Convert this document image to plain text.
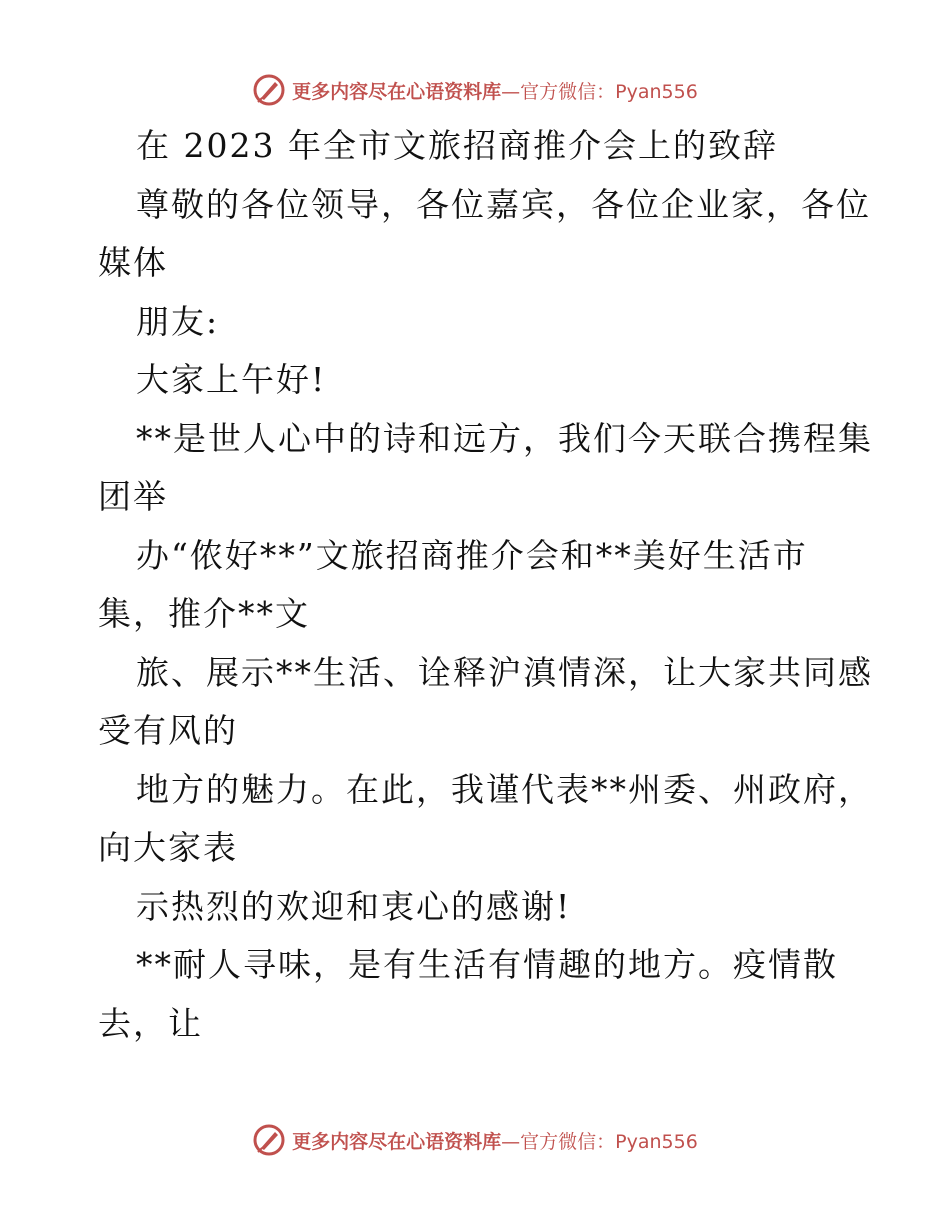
更多内容尽在心语资料库—官方微信：Pyan556
在 2023 年全市文旅招商推介会上的致辞
尊敬的各位领导，各位嘉宾，各位企业家，各位
媒体
朋友:
大家上午好!
**是世人心中的诗和远方，我们今天联合携程集
团举
办“侬好**”文旅招商推介会和**美好生活市
集，推介**文
旅、展示**生活、诠释沪滇情深，让大家共同感
受有风的
地方的魅力。在此，我谨代表**州委、州政府，
向大家表
示热烈的欢迎和衷心的感谢!
**耐人寻味，是有生活有情趣的地方。疫情散
去，让
更多内容尽在心语资料库—官方微信：Pyan556
